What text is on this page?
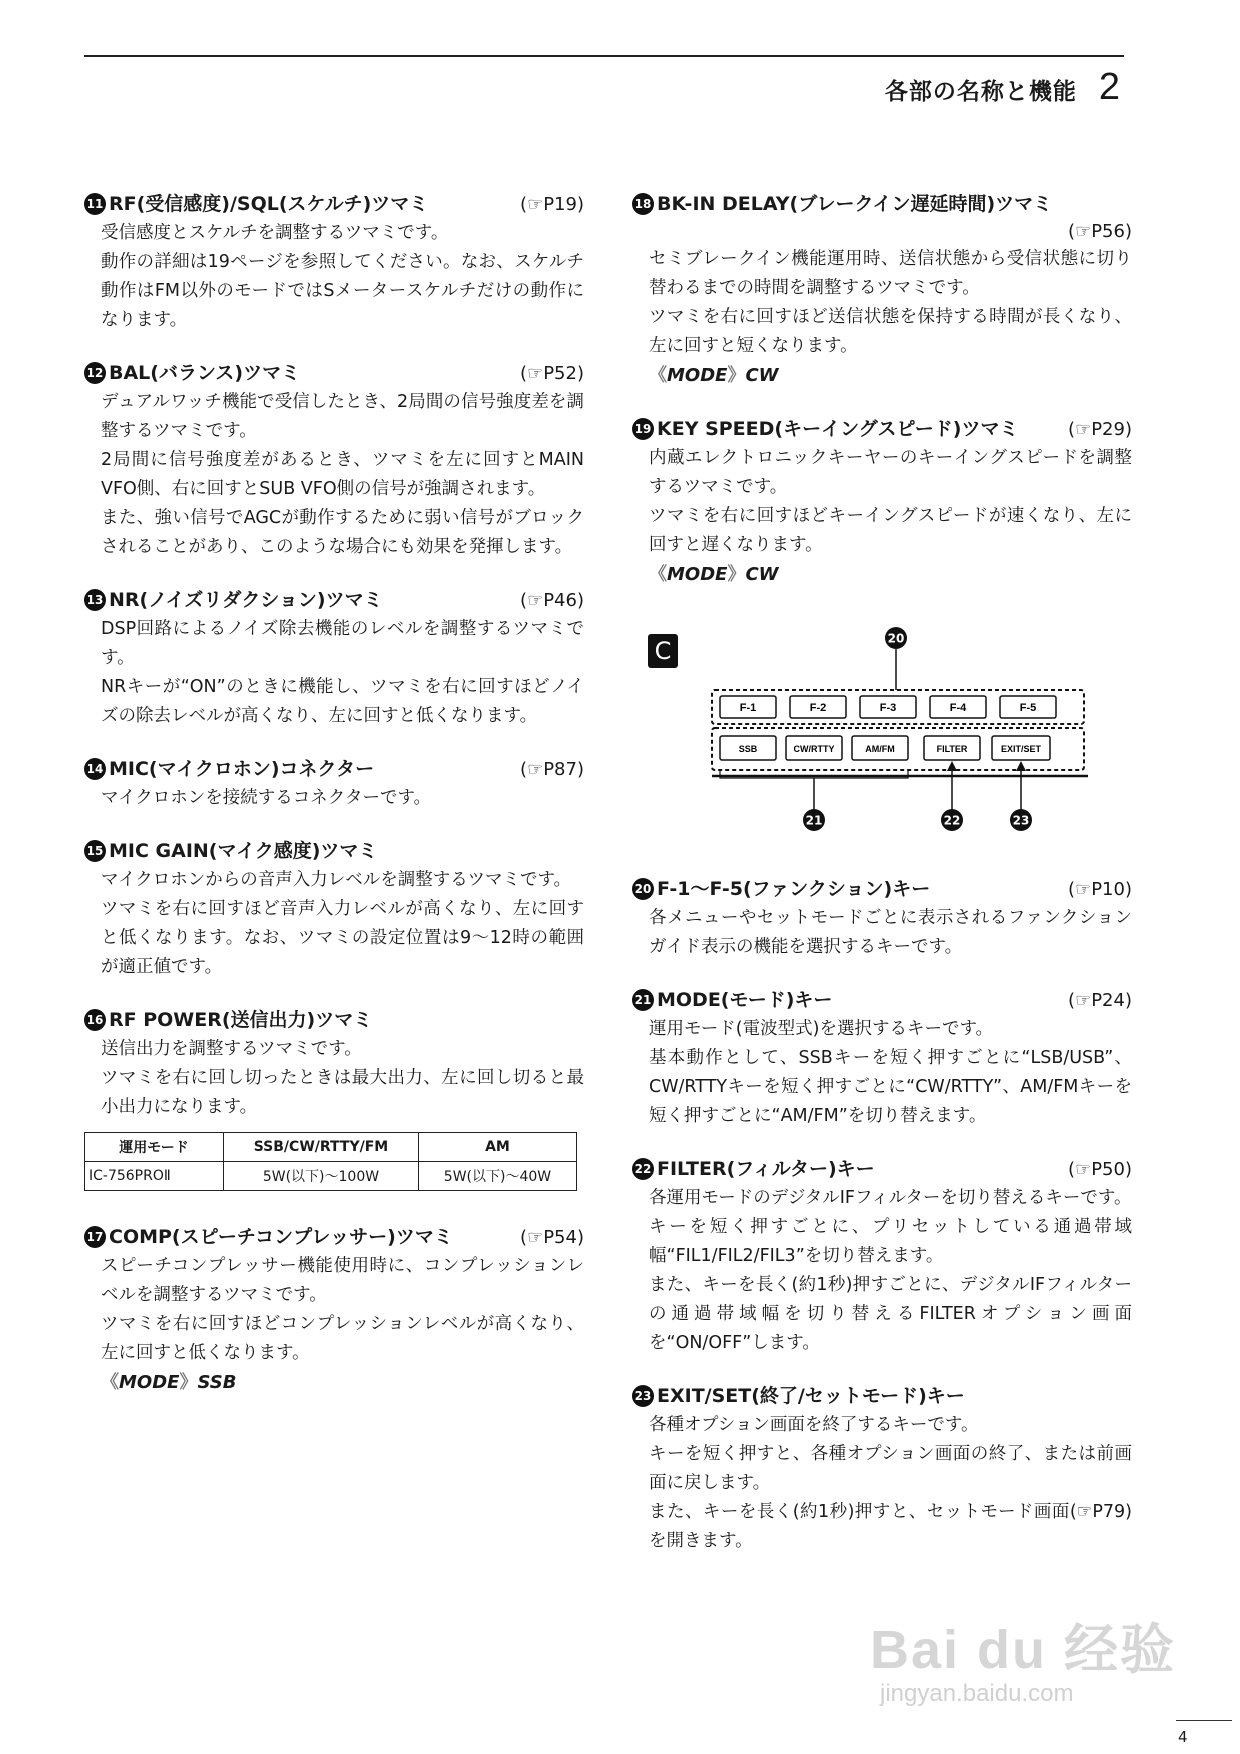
各部の名称と機能 2
11 RF(受信感度)/SQL(スケルチ)ツマミ	(☞P19)
受信感度とスケルチを調整するツマミです。
動作の詳細は19ページを参照してください。なお、スケルチ動作はFM以外のモードではSメータースケルチだけの動作になります。
12 BAL(バランス)ツマミ	(☞P52)
デュアルワッチ機能で受信したとき、2局間の信号強度差を調整するツマミです。
2局間に信号強度差があるとき、ツマミを左に回すとMAIN VFO側、右に回すとSUB VFO側の信号が強調されます。
また、強い信号でAGCが動作するために弱い信号がブロックされることがあり、このような場合にも効果を発揮します。
13 NR(ノイズリダクション)ツマミ	(☞P46)
DSP回路によるノイズ除去機能のレベルを調整するツマミです。
NRキーが“ON”のときに機能し、ツマミを右に回すほどノイズの除去レベルが高くなり、左に回すと低くなります。
14 MIC(マイクロホン)コネクター	(☞P87)
マイクロホンを接続するコネクターです。
15 MIC GAIN(マイク感度)ツマミ
マイクロホンからの音声入力レベルを調整するツマミです。
ツマミを右に回すほど音声入力レベルが高くなり、左に回すと低くなります。なお、ツマミの設定位置は9〜12時の範囲が適正値です。
16 RF POWER(送信出力)ツマミ
送信出力を調整するツマミです。
ツマミを右に回し切ったときは最大出力、左に回し切ると最小出力になります。
運用モード	SSB/CW/RTTY/FM	AM
IC-756PROⅡ	5W(以下)〜100W	5W(以下)〜40W
17 COMP(スピーチコンプレッサー)ツマミ	(☞P54)
スピーチコンプレッサー機能使用時に、コンプレッションレベルを調整するツマミです。
ツマミを右に回すほどコンプレッションレベルが高くなり、左に回すと低くなります。
《MODE》SSB
18 BK-IN DELAY(ブレークイン遅延時間)ツマミ
(☞P56)
セミブレークイン機能運用時、送信状態から受信状態に切り替わるまでの時間を調整するツマミです。
ツマミを右に回すほど送信状態を保持する時間が長くなり、左に回すと短くなります。
《MODE》CW
19 KEY SPEED(キーイングスピード)ツマミ	(☞P29)
内蔵エレクトロニックキーヤーのキーイングスピードを調整するツマミです。
ツマミを右に回すほどキーイングスピードが速くなり、左に回すと遅くなります。
《MODE》CW
C	20
F-1	F-2	F-3	F-4	F-5
SSB	CW/RTTY	AM/FM	FILTER	EXIT/SET
21	22	23
20 F-1〜F-5(ファンクション)キー	(☞P10)
各メニューやセットモードごとに表示されるファンクションガイド表示の機能を選択するキーです。
21 MODE(モード)キー	(☞P24)
運用モード(電波型式)を選択するキーです。
基本動作として、SSBキーを短く押すごとに“LSB/USB”、CW/RTTYキーを短く押すごとに“CW/RTTY”、AM/FMキーを短く押すごとに“AM/FM”を切り替えます。
22 FILTER(フィルター)キー	(☞P50)
各運用モードのデジタルIFフィルターを切り替えるキーです。
キーを短く押すごとに、プリセットしている通過帯域幅“FIL1/FIL2/FIL3”を切り替えます。
また、キーを長く(約1秒)押すごとに、デジタルIFフィルターの通過帯域幅を切り替えるFILTERオプション画面を“ON/OFF”します。
23 EXIT/SET(終了/セットモード)キー
各種オプション画面を終了するキーです。
キーを短く押すと、各種オプション画面の終了、または前画面に戻します。
また、キーを長く(約1秒)押すと、セットモード画面(☞P79)を開きます。
Bai du 经验
jingyan.baidu.com
4
